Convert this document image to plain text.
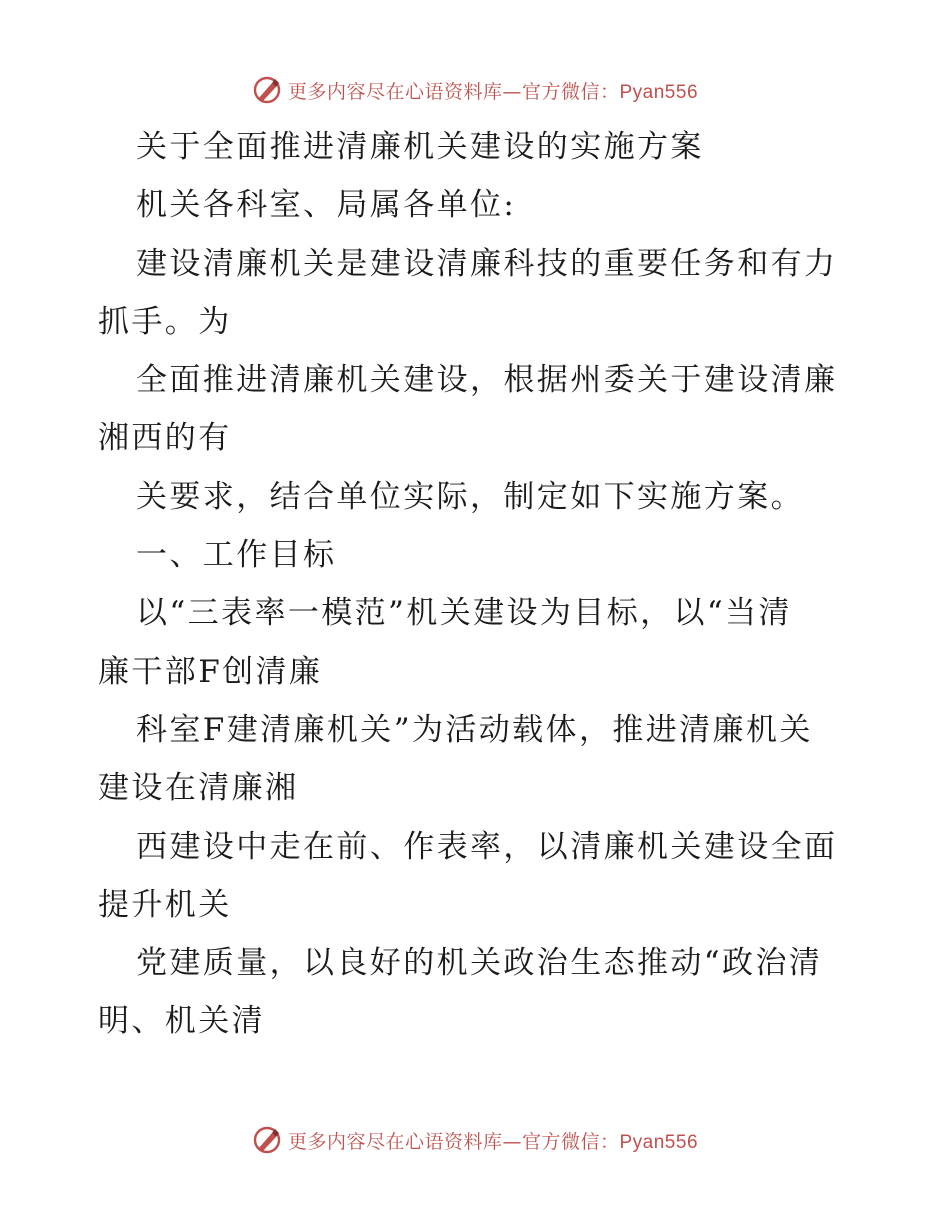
更多内容尽在心语资料库—官方微信：Pyan556
关于全面推进清廉机关建设的实施方案
机关各科室、局属各单位:
建设清廉机关是建设清廉科技的重要任务和有力
抓手。为
全面推进清廉机关建设，根据州委关于建设清廉
湘西的有
关要求，结合单位实际，制定如下实施方案。
一、工作目标
以“三表率一模范”机关建设为目标，以“当清
廉干部F创清廉
科室F建清廉机关”为活动载体，推进清廉机关
建设在清廉湘
西建设中走在前、作表率，以清廉机关建设全面
提升机关
党建质量，以良好的机关政治生态推动“政治清
明、机关清
更多内容尽在心语资料库—官方微信：Pyan556
